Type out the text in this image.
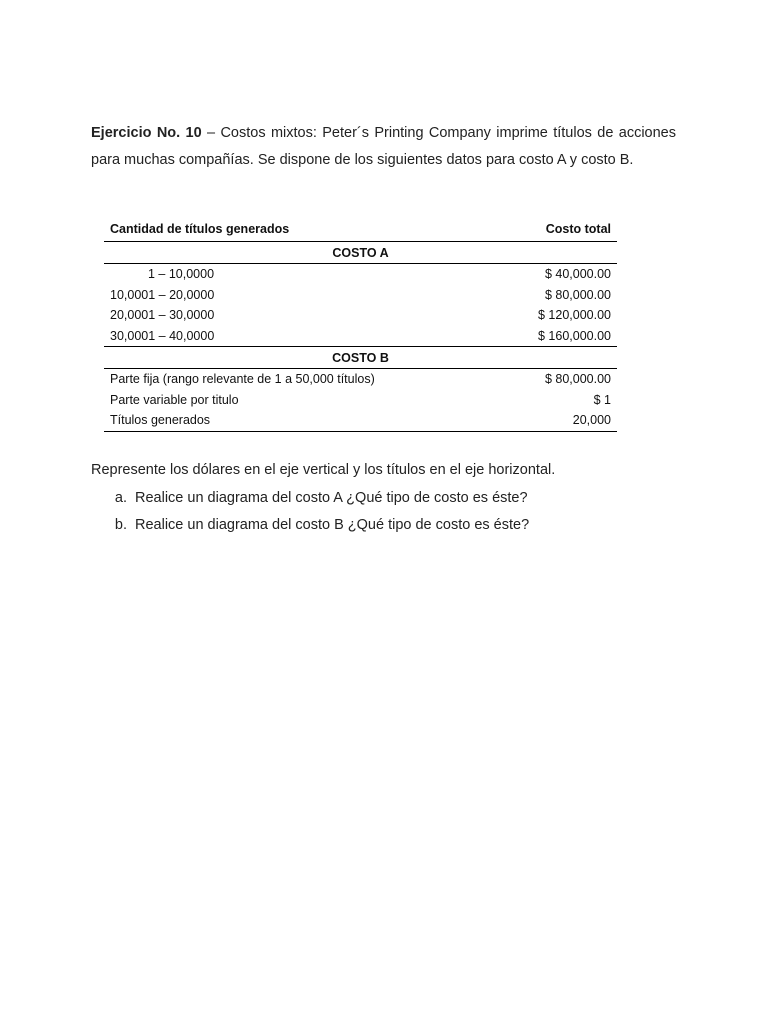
Ejercicio No. 10 – Costos mixtos: Peter´s Printing Company imprime títulos de acciones para muchas compañías. Se dispone de los siguientes datos para costo A y costo B.

Cantidad de títulos generados	Costo total
COSTO A	
1 – 10,0000	$ 40,000.00
10,0001 – 20,0000	$ 80,000.00
20,0001 – 30,0000	$ 120,000.00
30,0001 – 40,0000	$ 160,000.00
COSTO B	
Parte fija (rango relevante de 1 a 50,000 títulos)	$ 80,000.00
Parte variable por titulo	$ 1
Títulos generados	20,000

Represente los dólares en el eje vertical y los títulos en el eje horizontal.

a. Realice un diagrama del costo A ¿Qué tipo de costo es éste?
b. Realice un diagrama del costo B ¿Qué tipo de costo es éste?
